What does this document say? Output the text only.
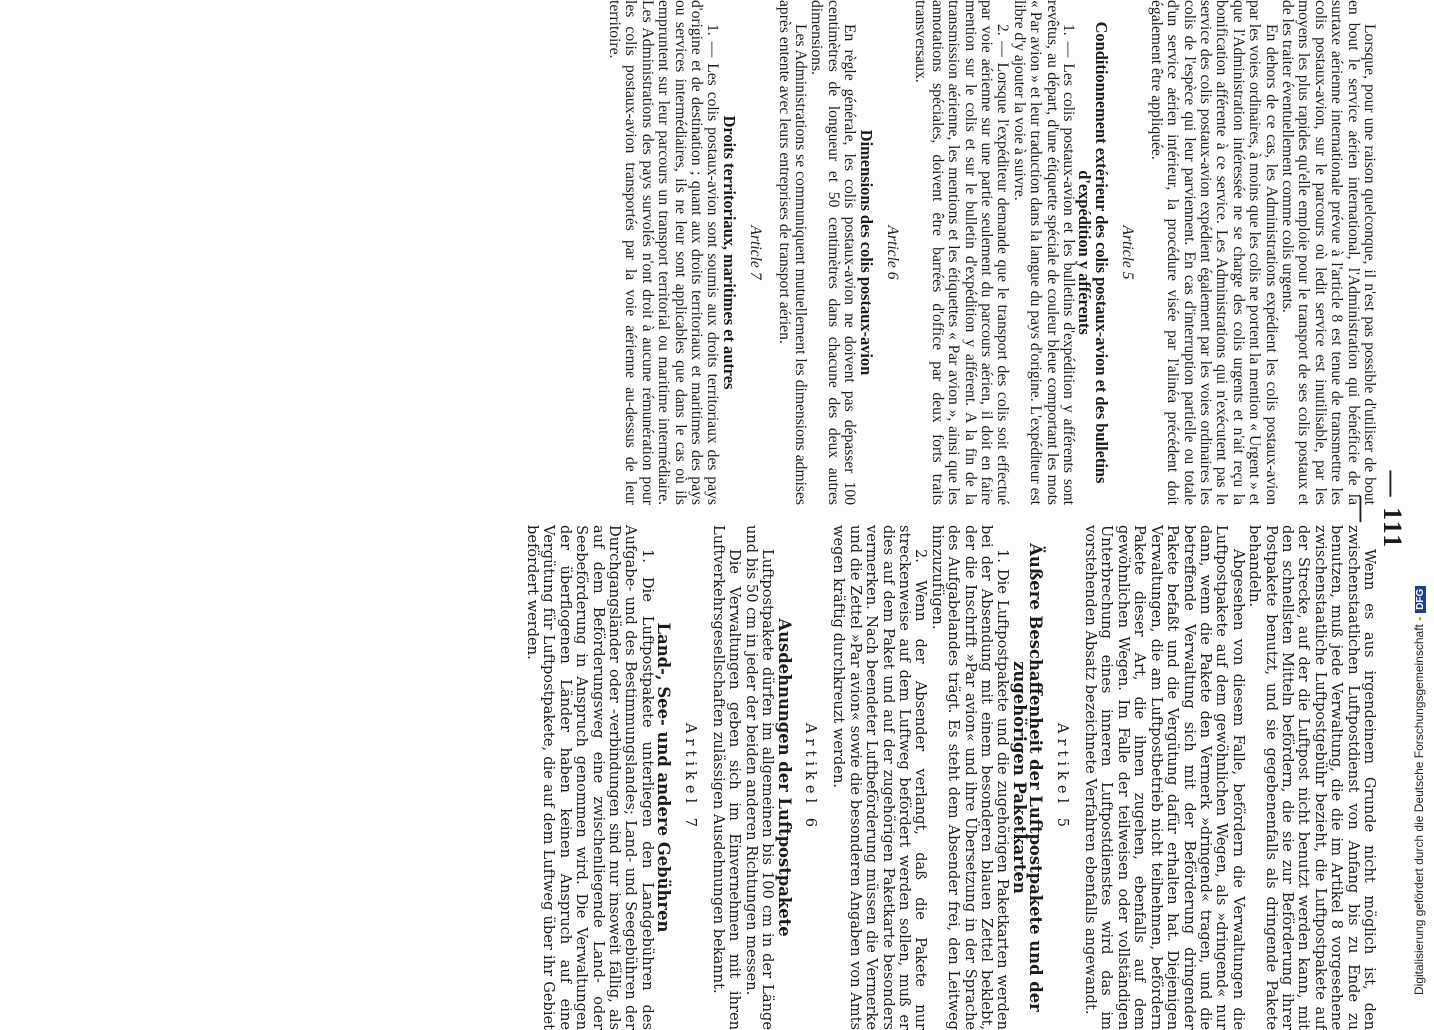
— 111 —

Lorsque, pour une raison quelconque, il n'est pas possible d'utiliser de bout en bout le service aérien international, l'Administration qui bénéficie de la surtaxe aérienne internationale prévue à l'article 8 est tenue de transmettre les colis postaux-avion, sur le parcours où ledit service est inutilisable, par les moyens les plus rapides qu'elle emploie pour le transport de ses colis postaux et de les traiter éventuellement comme colis urgents.

En dehors de ce cas, les Administrations expédient les colis postaux-avion par les voies ordinaires, à moins que les colis ne portent la mention « Urgent » et que l'Administration intéressée ne se charge des colis urgents et n'ait reçu la bonification afférente à ce service. Les Administrations qui n'exécutent pas le service des colis postaux-avion expédient également par les voies ordinaires les colis de l'espèce qui leur parviennent. En cas d'interruption partielle ou totale d'un service aérien intérieur, la procédure visée par l'alinéa précédent doit également être appliquée.

Article 5
Conditionnement extérieur des colis postaux-avion et des bulletins d'expédition y afférents

1. — Les colis postaux-avion et les bulletins d'expédition y afférents sont revêtus, au départ, d'une étiquette spéciale de couleur bleue comportant les mots « Par avion » et leur traduction dans la langue du pays d'origine. L'expéditeur est libre d'y ajouter la voie à suivre.

2. — Lorsque l'expéditeur demande que le transport des colis soit effectué par voie aérienne sur une partie seulement du parcours aérien, il doit en faire mention sur le colis et sur le bulletin d'expédition y afférent. A la fin de la transmission aérienne, les mentions et les étiquettes « Par avion », ainsi que les annotations spéciales, doivent être barrées d'office par deux forts traits transversaux.

Article 6
Dimensions des colis postaux-avion

En règle générale, les colis postaux-avion ne doivent pas dépasser 100 centimètres de longueur et 50 centimètres dans chacune des deux autres dimensions.

Les Administrations se communiquent mutuellement les dimensions admises après entente avec leurs entreprises de transport aérien.

Article 7
Droits territoriaux, maritimes et autres

1. — Les colis postaux-avion sont soumis aux droits territoriaux des pays d'origine et de destination ; quant aux droits territoriaux et maritimes des pays ou services intermédiaires, ils ne leur sont applicables que dans le cas où ils empruntent sur leur parcours un transport territorial ou maritime intermédiaire. Les Administrations des pays survolés n'ont droit à aucune rémunération pour les colis postaux-avion transportés par la voie aérienne au-dessus de leur territoire.

Wenn es aus irgendeinem Grunde nicht möglich ist, den zwischenstaatlichen Luftpostdienst von Anfang bis zu Ende zu benutzen, muß jede Verwaltung, die die im Artikel 8 vorgesehene zwischenstaatliche Luftpostgebühr bezieht, die Luftpostpakete auf der Strecke, auf der die Luftpost nicht benutzt werden kann, mit den schnellsten Mitteln befördern, die sie zur Beförderung ihrer Postpakete benutzt, und sie gegebenenfalls als dringende Pakete behandeln.

Abgesehen von diesem Falle, befördern die Verwaltungen die Luftpostpakete auf dem gewöhnlichen Wegen, als »dringend« nur dann, wenn die Pakete den Vermerk »dringend« tragen, und die betreffende Verwaltung sich mit der Beförderung dringender Pakete befaßt und die Vergütung dafür erhalten hat. Diejenigen Verwaltungen, die am Luftpostbetrieb nicht teilnehmen, befördern Pakete dieser Art, die ihnen zugehen, ebenfalls auf dem gewöhnlichen Wegen. Im Falle der teilweisen oder vollständigen Unterbrechung eines inneren Luftpostdienstes wird das im vorstehenden Absatz bezeichnete Verfahren ebenfalls angewandt.

Artikel 5
Äußere Beschaffenheit der Luftpostpakete und der zugehörigen Paketkarten

1. Die Luftpostpakete und die zugehörigen Paketkarten werden bei der Absendung mit einem besonderen blauen Zettel beklebt, der die Inschrift »Par avion« und ihre Übersetzung in der Sprache des Aufgabelandes trägt. Es steht dem Absender frei, den Leitweg hinzuzufügen.

2. Wenn der Absender verlangt, daß die Pakete nur streckenweise auf dem Luftweg befördert werden sollen, muß er dies auf dem Paket und auf der zugehörigen Paketkarte besonders vermerken. Nach beendeter Luftbeförderung müssen die Vermerke und die Zettel »Par avion« sowie die besonderen Angaben von Amts wegen kräftig durchkreuzt werden.

Artikel 6
Ausdehnungen der Luftpostpakete

Luftpostpakete dürfen im allgemeinen bis 100 cm in der Länge und bis 50 cm in jeder der beiden anderen Richtungen messen.

Die Verwaltungen geben sich im Einvernehmen mit ihren Luftverkehrsgesellschaften zulässigen Ausdehnungen bekannt.

Artikel 7
Land-, See- und andere Gebühren

1. Die Luftpostpakete unterliegen den Landgebühren des Aufgabe- und des Bestimmungslandes; Land- und Seegebühren der Durchgangsländer oder -verbindungen sind nur insoweit fällig, als auf dem Beförderungsweg eine zwischenliegende Land- oder Seebeförderung in Anspruch genommen wird. Die Verwaltungen der überflogenen Länder haben keinen Anspruch auf eine Vergütung für Luftpostpakete, die auf dem Luftweg über ihr Gebiet befördert werden.

Digitalisierung gefördert durch die Deutsche Forschungsgemeinschaft -DFG
